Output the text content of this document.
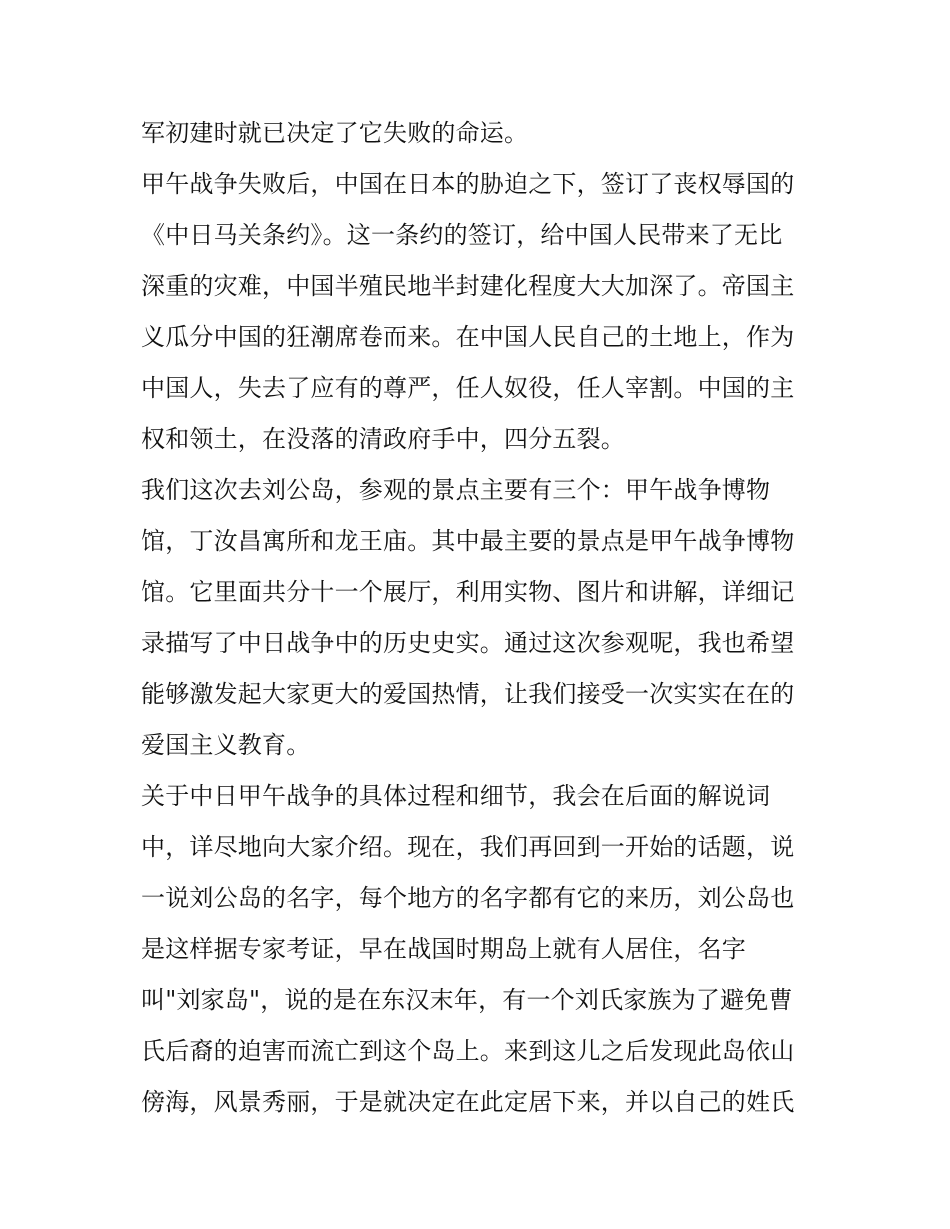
军初建时就已决定了它失败的命运。
甲午战争失败后，中国在日本的胁迫之下，签订了丧权辱国的
《中日马关条约》。这一条约的签订，给中国人民带来了无比
深重的灾难，中国半殖民地半封建化程度大大加深了。帝国主
义瓜分中国的狂潮席卷而来。在中国人民自己的土地上，作为
中国人，失去了应有的尊严，任人奴役，任人宰割。中国的主
权和领土，在没落的清政府手中，四分五裂。
我们这次去刘公岛，参观的景点主要有三个：甲午战争博物
馆，丁汝昌寓所和龙王庙。其中最主要的景点是甲午战争博物
馆。它里面共分十一个展厅，利用实物、图片和讲解，详细记
录描写了中日战争中的历史史实。通过这次参观呢，我也希望
能够激发起大家更大的爱国热情，让我们接受一次实实在在的
爱国主义教育。
关于中日甲午战争的具体过程和细节，我会在后面的解说词
中，详尽地向大家介绍。现在，我们再回到一开始的话题，说
一说刘公岛的名字，每个地方的名字都有它的来历，刘公岛也
是这样据专家考证，早在战国时期岛上就有人居住，名字
叫"刘家岛"，说的是在东汉末年，有一个刘氏家族为了避免曹
氏后裔的迫害而流亡到这个岛上。来到这儿之后发现此岛依山
傍海，风景秀丽，于是就决定在此定居下来，并以自己的姓氏
